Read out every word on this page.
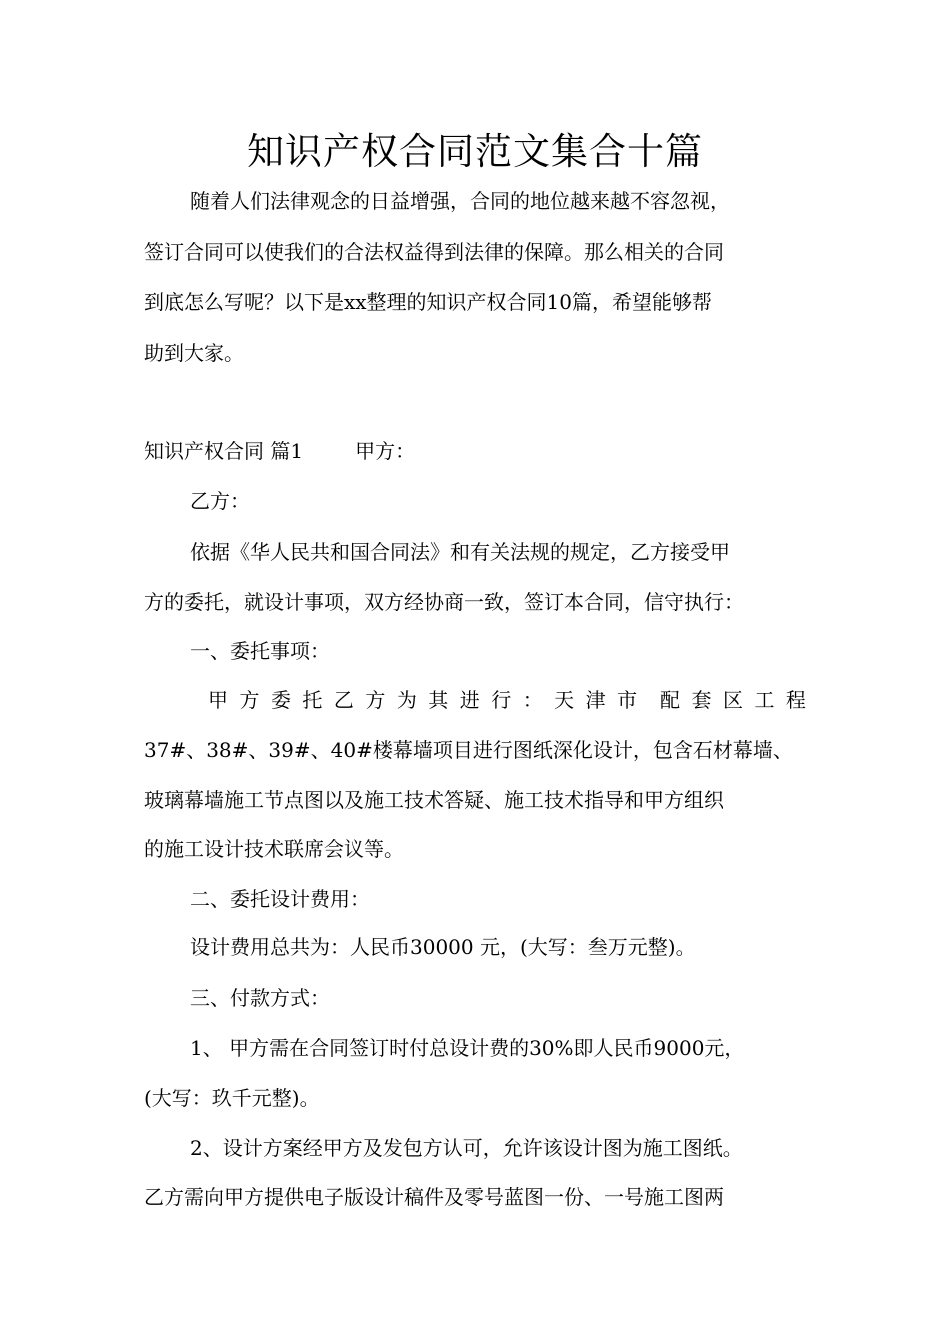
知识产权合同范文集合十篇
随着人们法律观念的日益增强，合同的地位越来越不容忽视，
签订合同可以使我们的合法权益得到法律的保障。那么相关的合同
到底怎么写呢？以下是xx整理的知识产权合同10篇，希望能够帮
助到大家。
知识产权合同 篇1	甲方：
乙方：
依据《华人民共和国合同法》和有关法规的规定，乙方接受甲
方的委托，就设计事项，双方经协商一致，签订本合同，信守执行：
一、委托事项：
甲 方 委 托 乙 方 为 其 进 行 ： 天 津 市 配 套 区 工 程
37#、38#、39#、40#楼幕墙项目进行图纸深化设计，包含石材幕墙、
玻璃幕墙施工节点图以及施工技术答疑、施工技术指导和甲方组织
的施工设计技术联席会议等。
二、委托设计费用：
设计费用总共为：人民币30000 元，(大写：叁万元整)。
三、付款方式：
1、 甲方需在合同签订时付总设计费的30%即人民币9000元，
(大写：玖千元整)。
2、设计方案经甲方及发包方认可，允许该设计图为施工图纸。
乙方需向甲方提供电子版设计稿件及零号蓝图一份、一号施工图两
